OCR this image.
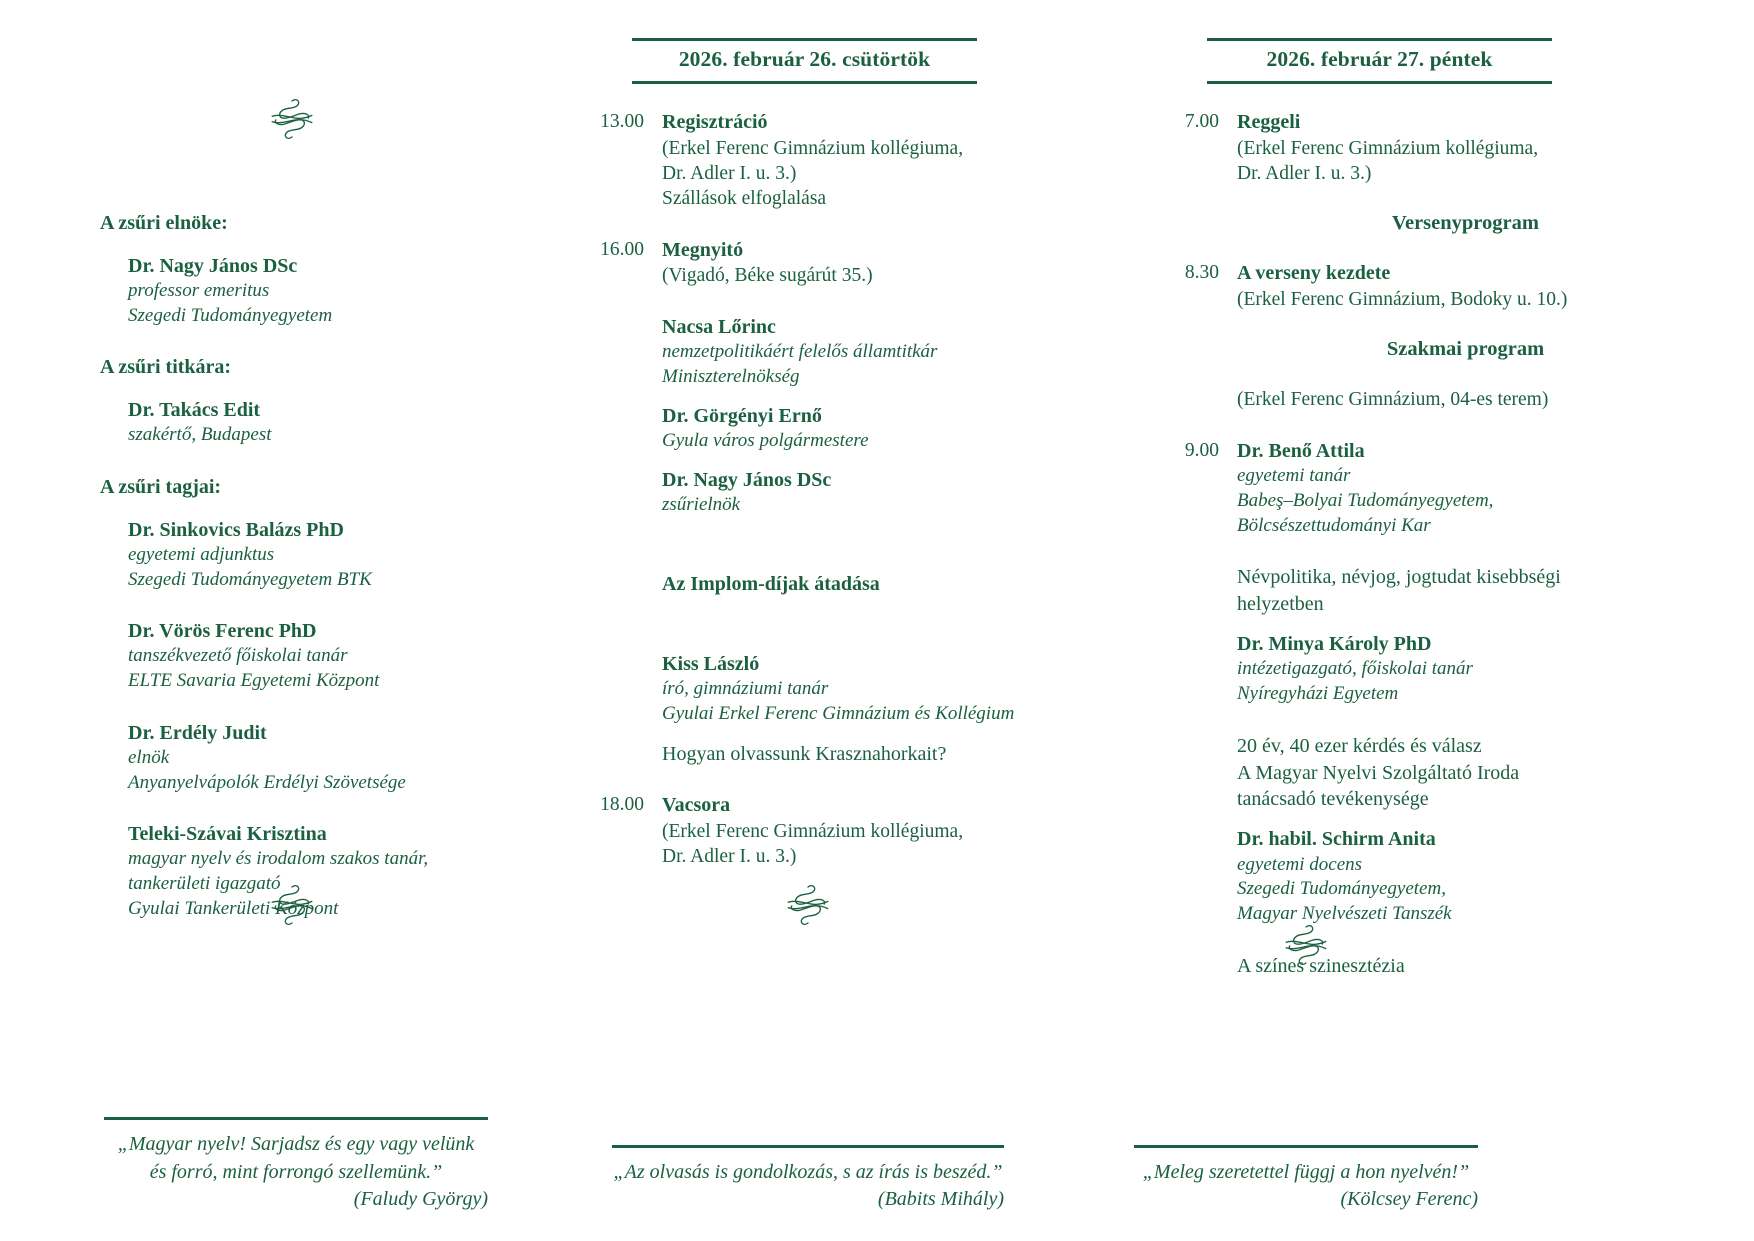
A zsűri elnöke:
Dr. Nagy János DSc
professor emeritus
Szegedi Tudományegyetem
A zsűri titkára:
Dr. Takács Edit
szakértő, Budapest
A zsűri tagjai:
Dr. Sinkovics Balázs PhD
egyetemi adjunktus
Szegedi Tudományegyetem BTK
Dr. Vörös Ferenc PhD
tanszékvezető főiskolai tanár
ELTE Savaria Egyetemi Központ
Dr. Erdély Judit
elnök
Anyanyelvápolók Erdélyi Szövetsége
Teleki-Szávai Krisztina
magyar nyelv és irodalom szakos tanár,
tankerületi igazgató
Gyulai Tankerületi Központ
2026. február 26. csütörtök
13.00 Regisztráció
(Erkel Ferenc Gimnázium kollégiuma,
Dr. Adler I. u. 3.)
Szállások elfoglalása
16.00 Megnyitó
(Vigadó, Béke sugárút 35.)
Nacsa Lőrinc
nemzetpolitikáért felelős államtitkár
Miniszterelnökség
Dr. Görgényi Ernő
Gyula város polgármestere
Dr. Nagy János DSc
zsűrielnök
Az Implom-díjak átadása
Kiss László
író, gimnáziumi tanár
Gyulai Erkel Ferenc Gimnázium és Kollégium
Hogyan olvassunk Krasznahorkait?
18.00 Vacsora
(Erkel Ferenc Gimnázium kollégiuma,
Dr. Adler I. u. 3.)
2026. február 27. péntek
7.00 Reggeli
(Erkel Ferenc Gimnázium kollégiuma,
Dr. Adler I. u. 3.)
Versenyprogram
8.30 A verseny kezdete
(Erkel Ferenc Gimnázium, Bodoky u. 10.)
Szakmai program
(Erkel Ferenc Gimnázium, 04-es terem)
9.00 Dr. Benő Attila
egyetemi tanár
Babeş–Bolyai Tudományegyetem,
Bölcsészettudományi Kar
Névpolitika, névjog, jogtudat kisebbségi
helyzetben
Dr. Minya Károly PhD
intézetigazgató, főiskolai tanár
Nyíregyházi Egyetem
20 év, 40 ezer kérdés és válasz
A Magyar Nyelvi Szolgáltató Iroda
tanácsadó tevékenysége
Dr. habil. Schirm Anita
egyetemi docens
Szegedi Tudományegyetem,
Magyar Nyelvészeti Tanszék
A színes szinesztézia
„Magyar nyelv! Sarjadsz és egy vagy velünk
és forró, mint forrongó szellemünk.”
(Faludy György)
„Az olvasás is gondolkozás, s az írás is beszéd.”
(Babits Mihály)
„Meleg szeretettel függj a hon nyelvén!”
(Kölcsey Ferenc)
